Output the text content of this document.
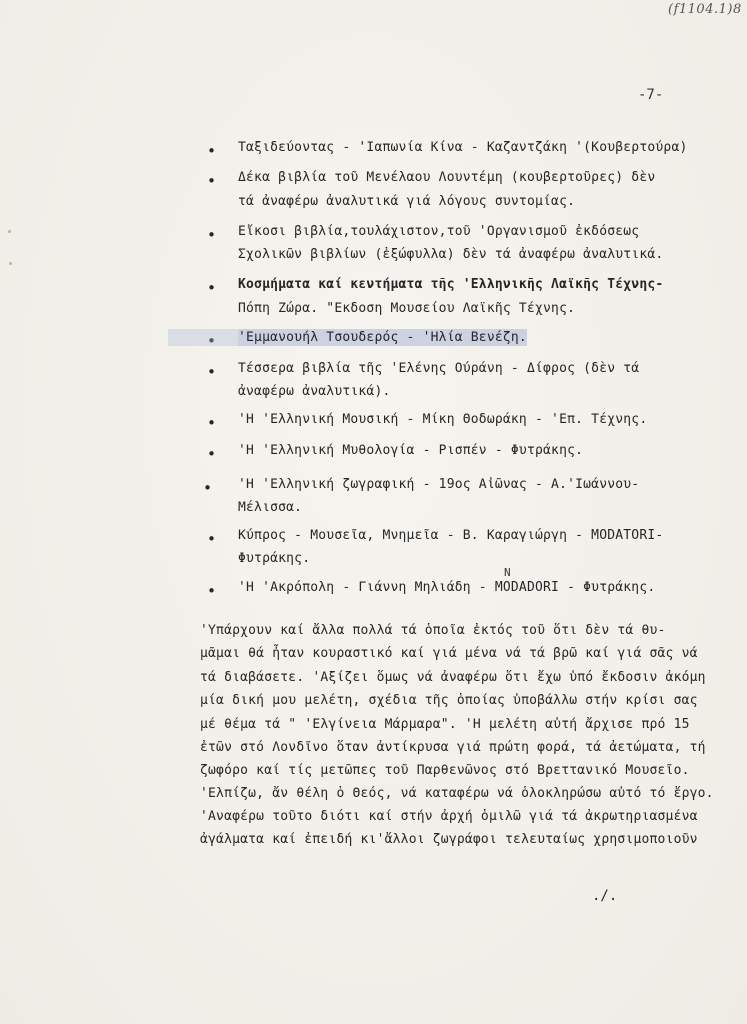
(f1104.1)8
-7-
• Ταξιδεύοντας - 'Ιαπωνία Κίνα - Καζαντζάκη '(Κουβερτούρα)
• Δέκα βιβλία τοῦ Μενέλαου Λουντέμη (κουβερτοῦρες) δὲν
τά ἀναφέρω ἀναλυτικά γιά λόγους συντομίας.
• Εἴκοσι βιβλία,τουλάχιστον,τοῦ 'Οργανισμοῦ ἐκδόσεως
Σχολικῶν βιβλίων (ἐξώφυλλα) δὲν τά ἀναφέρω ἀναλυτικά.
• Κοσμήματα καί κεντήματα τῆς 'Ελληνικῆς Λαϊκῆς Τέχνης-
Πόπη Ζώρα. "Εκδοση Μουσείου Λαϊκῆς Τέχνης.
• 'Εμμανουήλ Τσουδερός - 'Ηλία Βενέζη.
• Τέσσερα βιβλία τῆς 'Ελένης Ούράνη - Δίφρος (δὲν τά
ἀναφέρω ἀναλυτικά).
• 'Η 'Ελληνική Μουσική - Μίκη Θοδωράκη - 'Επ. Τέχνης.
• 'Η 'Ελληνική Μυθολογία - Ρισπέν - Φυτράκης.
• 'Η 'Ελληνική ζωγραφική - 19ος Αἰῶνας - Α.'Ιωάννου-
Μέλισσα.
• Κύπρος - Μουσεῖα, Μνημεῖα - Β. Καραγιώργη - MODATORI-
Φυτράκης.
N
• 'Η 'Ακρόπολη - Γιάννη Μηλιάδη - MODADORI - Φυτράκης.
'Υπάρχουν καί ἄλλα πολλά τά ὁποῖα ἐκτός τοῦ ὅτι δὲν τά θυ-
μᾶμαι θά ἦταν κουραστικό καί γιά μένα νά τά βρῶ καί γιά σᾶς νά
τά διαβάσετε. 'Αξίζει ὅμως νά ἀναφέρω ὅτι ἔχω ὑπό ἔκδοσιν ἀκόμη
μία δική μου μελέτη, σχέδια τῆς ὁποίας ὑποβάλλω στήν κρίσι σας
μέ θέμα τά " 'Ελγίνεια Μάρμαρα". 'Η μελέτη αὐτή ἄρχισε πρό 15
ἐτῶν στό Λονδῖνο ὅταν ἀντίκρυσα γιά πρώτη φορά, τά ἀετώματα, τή
ζωφόρο καί τίς μετῶπες τοῦ Παρθενῶνος στό Βρεττανικό Μουσεῖο.
'Ελπίζω, ἄν θέλη ὁ Θεός, νά καταφέρω νά ὁλοκληρώσω αὐτό τό ἔργο.
'Αναφέρω τοῦτο διότι καί στήν ἀρχή ὁμιλῶ γιά τά ἀκρωτηριασμένα
ἀγάλματα καί ἐπειδή κι'ἄλλοι ζωγράφοι τελευταίως χρησιμοποιοῦν
./.
